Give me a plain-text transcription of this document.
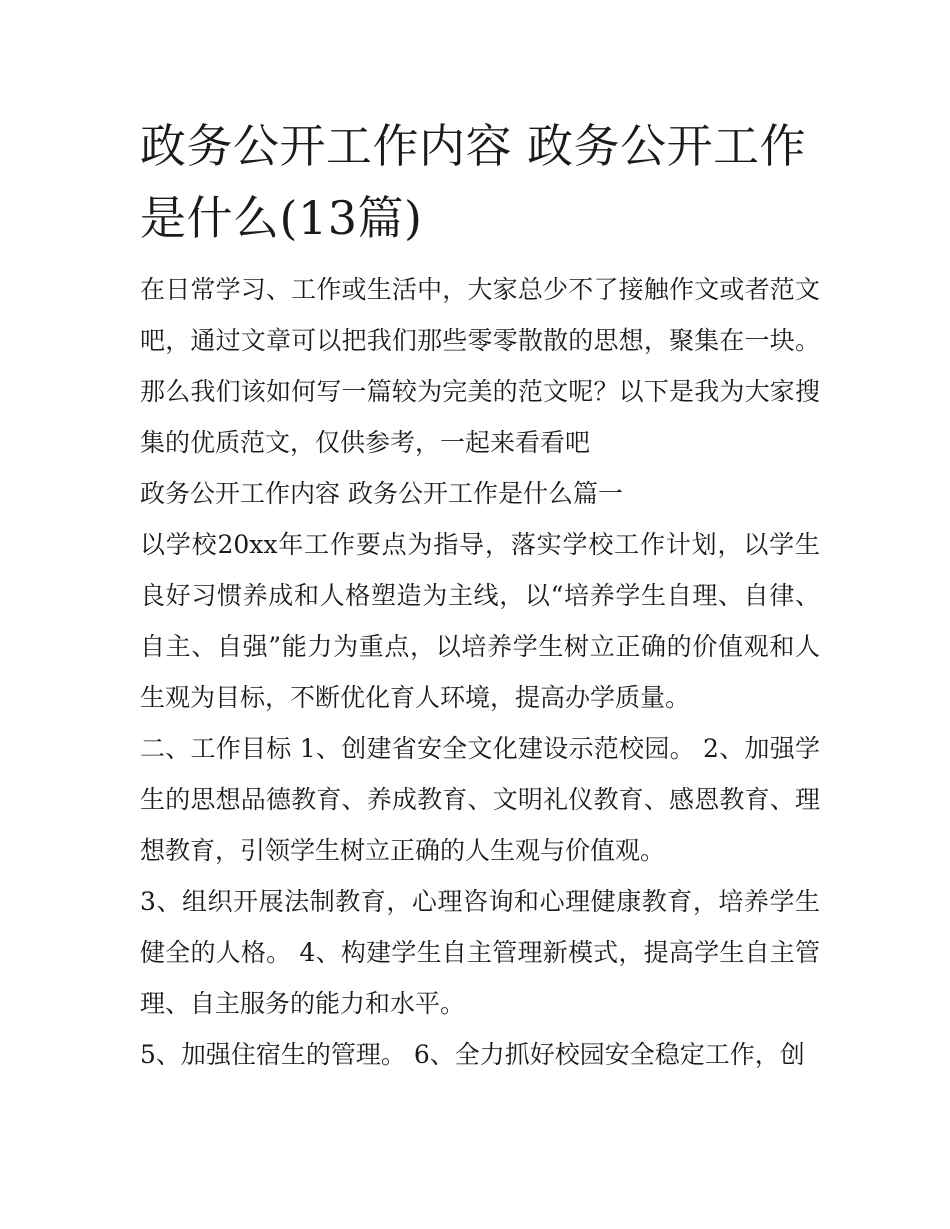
政务公开工作内容 政务公开工作是什么(13篇)

在日常学习、工作或生活中，大家总少不了接触作文或者范文吧，通过文章可以把我们那些零零散散的思想，聚集在一块。那么我们该如何写一篇较为完美的范文呢？以下是我为大家搜集的优质范文，仅供参考，一起来看看吧

政务公开工作内容 政务公开工作是什么篇一

以学校20xx年工作要点为指导，落实学校工作计划，以学生良好习惯养成和人格塑造为主线，以“培养学生自理、自律、自主、自强”能力为重点，以培养学生树立正确的价值观和人生观为目标，不断优化育人环境，提高办学质量。

二、工作目标 1、创建省安全文化建设示范校园。 2、加强学生的思想品德教育、养成教育、文明礼仪教育、感恩教育、理想教育，引领学生树立正确的人生观与价值观。

3、组织开展法制教育，心理咨询和心理健康教育，培养学生健全的人格。 4、构建学生自主管理新模式，提高学生自主管理、自主服务的能力和水平。

5、加强住宿生的管理。 6、全力抓好校园安全稳定工作，创
